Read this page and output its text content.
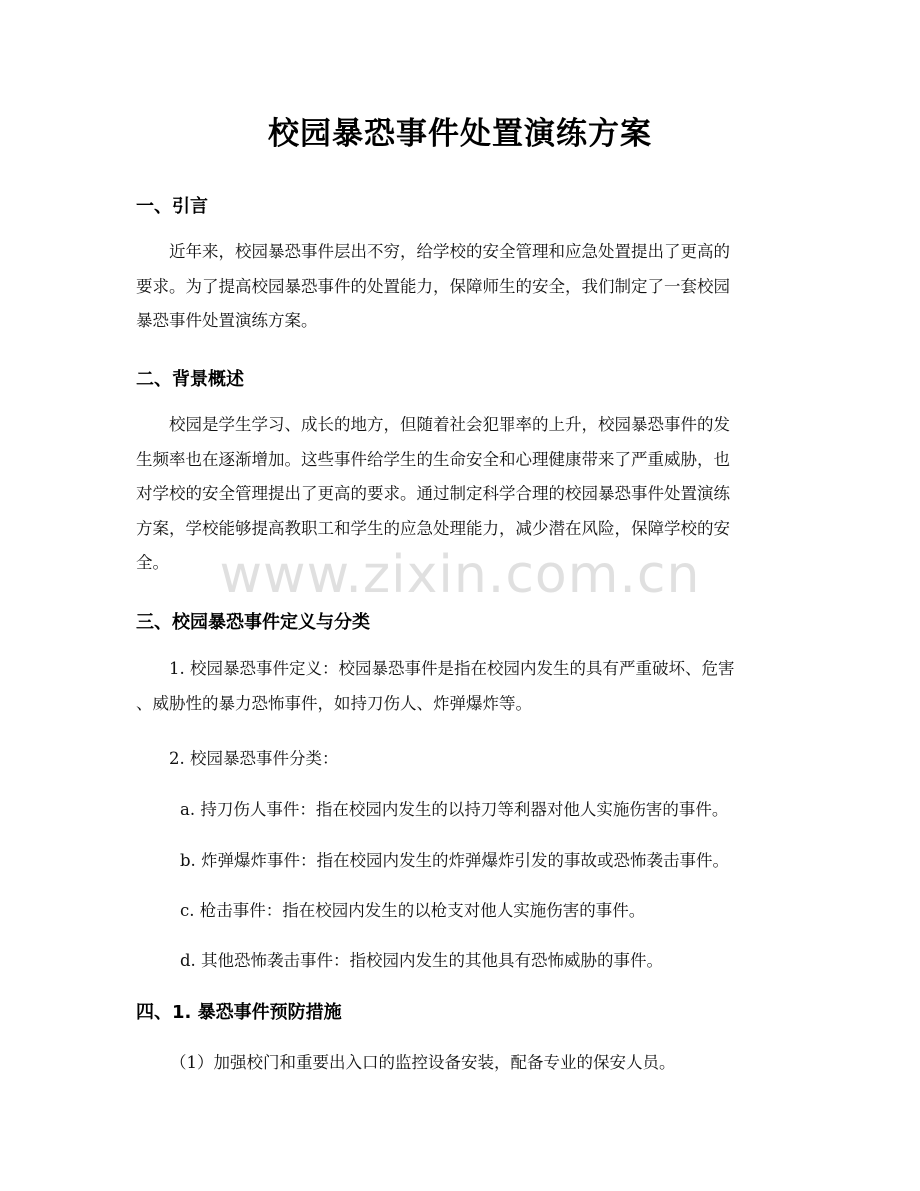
校园暴恐事件处置演练方案
一、引言
近年来，校园暴恐事件层出不穷，给学校的安全管理和应急处置提出了更高的
要求。为了提高校园暴恐事件的处置能力，保障师生的安全，我们制定了一套校园
暴恐事件处置演练方案。
二、背景概述
校园是学生学习、成长的地方，但随着社会犯罪率的上升，校园暴恐事件的发
生频率也在逐渐增加。这些事件给学生的生命安全和心理健康带来了严重威胁，也
对学校的安全管理提出了更高的要求。通过制定科学合理的校园暴恐事件处置演练
方案，学校能够提高教职工和学生的应急处理能力，减少潜在风险，保障学校的安
全。 www.zixin.com.cn
三、校园暴恐事件定义与分类
1. 校园暴恐事件定义：校园暴恐事件是指在校园内发生的具有严重破坏、危害
、威胁性的暴力恐怖事件，如持刀伤人、炸弹爆炸等。
2. 校园暴恐事件分类：
a. 持刀伤人事件：指在校园内发生的以持刀等利器对他人实施伤害的事件。
b. 炸弹爆炸事件：指在校园内发生的炸弹爆炸引发的事故或恐怖袭击事件。
c. 枪击事件：指在校园内发生的以枪支对他人实施伤害的事件。
d. 其他恐怖袭击事件：指校园内发生的其他具有恐怖威胁的事件。
四、1. 暴恐事件预防措施
（1）加强校门和重要出入口的监控设备安装，配备专业的保安人员。
